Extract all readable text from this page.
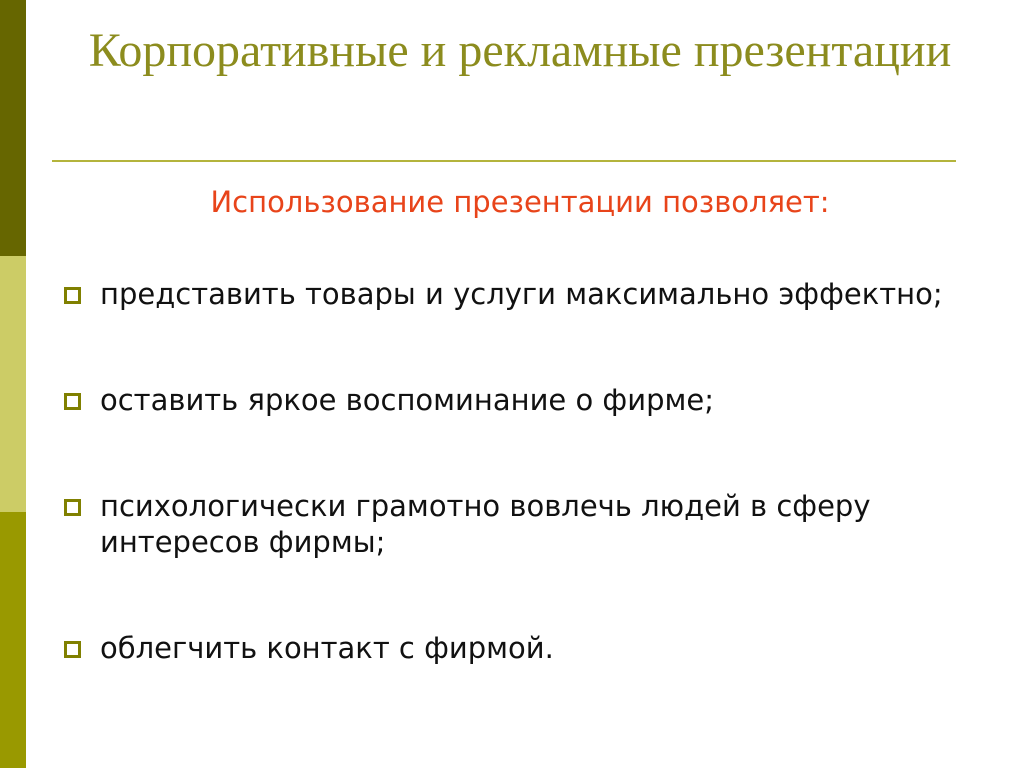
Корпоративные и рекламные презентации
Использование презентации позволяет:
представить товары и услуги максимально эффектно;
оставить яркое воспоминание о фирме;
психологически грамотно вовлечь людей в сферу интересов фирмы;
облегчить контакт с фирмой.
